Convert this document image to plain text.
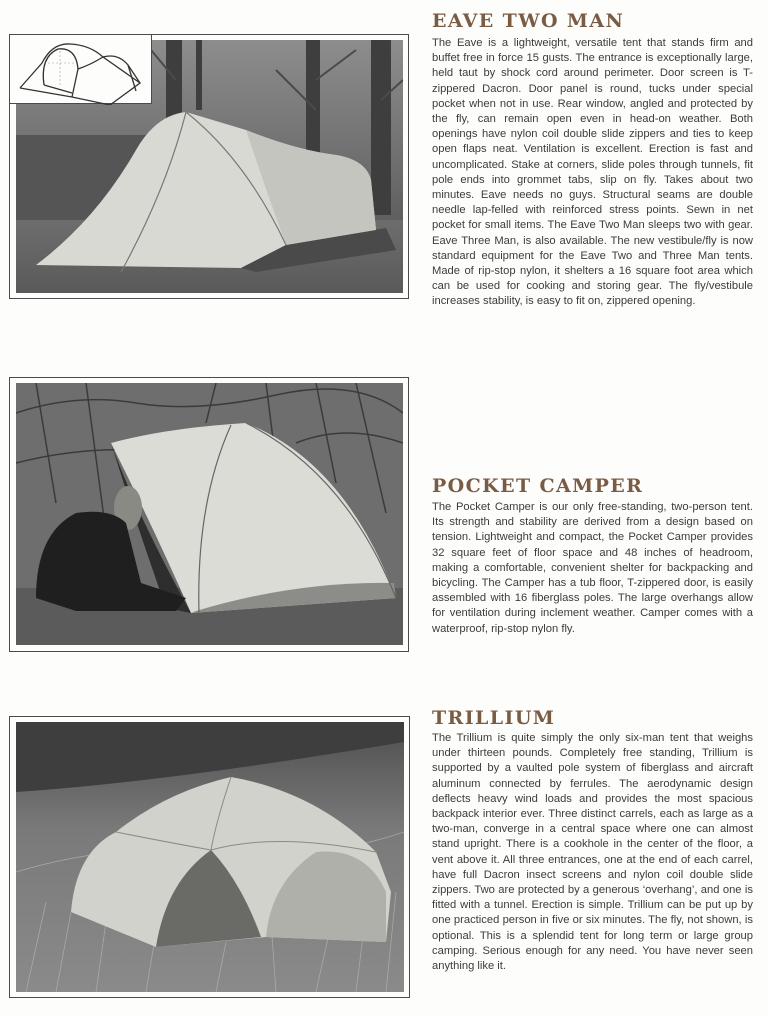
EAVE TWO MAN
The Eave is a lightweight, versatile tent that stands firm and buffet free in force 15 gusts. The entrance is exceptionally large, held taut by shock cord around perimeter. Door screen is T-zippered Dacron. Door panel is round, tucks under special pocket when not in use. Rear window, angled and protected by the fly, can remain open even in head-on weather. Both openings have nylon coil double slide zippers and ties to keep open flaps neat. Ventilation is excellent. Erection is fast and uncomplicated. Stake at corners, slide poles through tunnels, fit pole ends into grommet tabs, slip on fly. Takes about two minutes. Eave needs no guys. Structural seams are double needle lap-felled with reinforced stress points. Sewn in net pocket for small items. The Eave Two Man sleeps two with gear. Eave Three Man, is also available. The new vestibule/fly is now standard equipment for the Eave Two and Three Man tents. Made of rip-stop nylon, it shelters a 16 square foot area which can be used for cooking and storing gear. The fly/vestibule increases stability, is easy to fit on, zippered opening.
POCKET CAMPER
The Pocket Camper is our only free-standing, two-person tent. Its strength and stability are derived from a design based on tension. Lightweight and compact, the Pocket Camper provides 32 square feet of floor space and 48 inches of headroom, making a comfortable, convenient shelter for backpacking and bicycling. The Camper has a tub floor, T-zippered door, is easily assembled with 16 fiberglass poles. The large overhangs allow for ventilation during inclement weather. Camper comes with a waterproof, rip-stop nylon fly.
TRILLIUM
The Trillium is quite simply the only six-man tent that weighs under thirteen pounds. Completely free standing, Trillium is supported by a vaulted pole system of fiberglass and aircraft aluminum connected by ferrules. The aerodynamic design deflects heavy wind loads and provides the most spacious backpack interior ever. Three distinct carrels, each as large as a two-man, converge in a central space where one can almost stand upright. There is a cookhole in the center of the floor, a vent above it. All three entrances, one at the end of each carrel, have full Dacron insect screens and nylon coil double slide zippers. Two are protected by a generous ‘overhang’, and one is fitted with a tunnel. Erection is simple. Trillium can be put up by one practiced person in five or six minutes. The fly, not shown, is optional. This is a splendid tent for long term or large group camping. Serious enough for any need. You have never seen anything like it.
